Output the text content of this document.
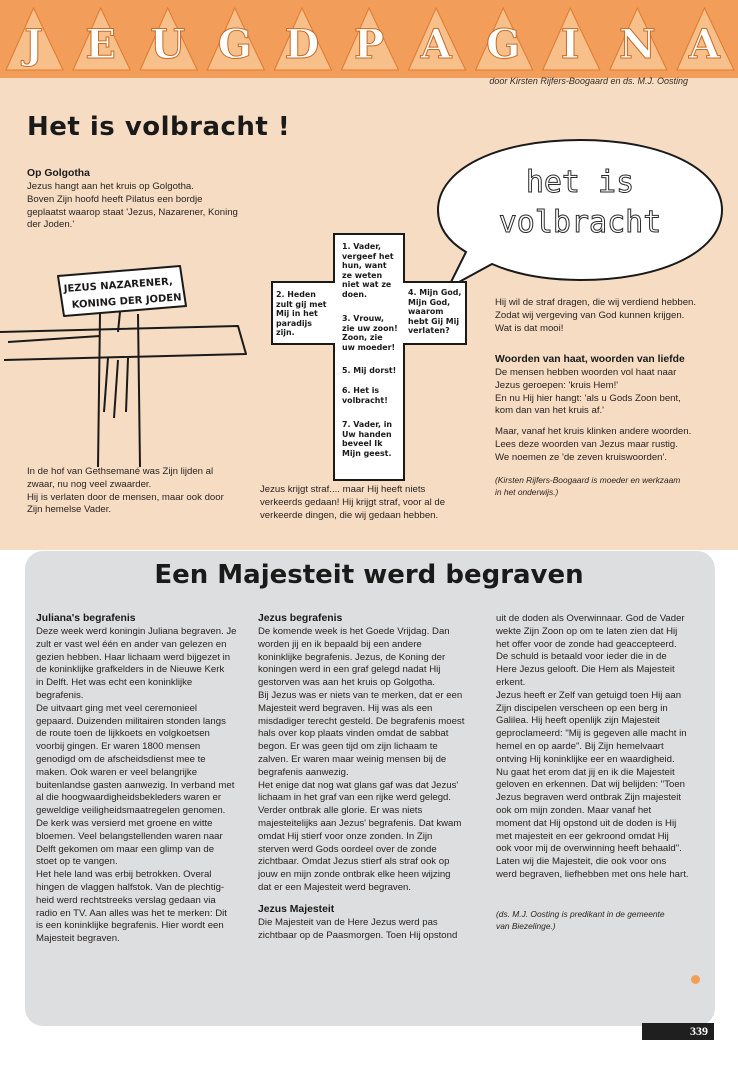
J E U G D P A G I N A
door Kirsten Rijfers-Boogaard en ds. M.J. Oosting
Het is volbracht !
Op Golgotha
Jezus hangt aan het kruis op Golgotha.
Boven Zijn hoofd heeft Pilatus een bordje
geplaatst waarop staat 'Jezus, Nazarener, Koning
der Joden.'
JEZUS NAZARENER,
KONING DER JODEN
het is
volbracht
1. Vader,
vergeef het
hun, want
ze weten
niet wat ze
doen.
2. Heden
zult gij met
Mij in het
paradijs
zijn.
3. Vrouw,
zie uw zoon!
Zoon, zie
uw moeder!
4. Mijn God,
Mijn God,
waarom
hebt Gij Mij
verlaten?
5. Mij dorst!
6. Het is
volbracht!
7. Vader, in
Uw handen
beveel Ik
Mijn geest.
In de hof van Gethsemané was Zijn lijden al
zwaar, nu nog veel zwaarder.
Hij is verlaten door de mensen, maar ook door
Zijn hemelse Vader.
Jezus krijgt straf.... maar Hij heeft niets
verkeerds gedaan! Hij krijgt straf, voor al de
verkeerde dingen, die wij gedaan hebben.
Hij wil de straf dragen, die wij verdiend hebben.
Zodat wij vergeving van God kunnen krijgen.
Wat is dat mooi!
Woorden van haat, woorden van liefde
De mensen hebben woorden vol haat naar
Jezus geroepen: 'kruis Hem!'
En nu Hij hier hangt: 'als u Gods Zoon bent,
kom dan van het kruis af.'
Maar, vanaf het kruis klinken andere woorden.
Lees deze woorden van Jezus maar rustig.
We noemen ze 'de zeven kruiswoorden'.
(Kirsten Rijfers-Boogaard is moeder en werkzaam
in het onderwijs.)
Een Majesteit werd begraven
Juliana's begrafenis
Deze week werd koningin Juliana begraven. Je
zult er vast wel één en ander van gelezen en
gezien hebben. Haar lichaam werd bijgezet in
de koninklijke grafkelders in de Nieuwe Kerk
in Delft. Het was echt een koninklijke
begrafenis.
De uitvaart ging met veel ceremonieel
gepaard. Duizenden militairen stonden langs
de route toen de lijkkoets en volgkoetsen
voorbij gingen. Er waren 1800 mensen
genodigd om de afscheidsdienst mee te
maken. Ook waren er veel belangrijke
buitenlandse gasten aanwezig. In verband met
al die hoogwaardigheidsbekleders waren er
geweldige veiligheidsmaatregelen genomen.
De kerk was versierd met groene en witte
bloemen. Veel belangstellenden waren naar
Delft gekomen om maar een glimp van de
stoet op te vangen.
Het hele land was erbij betrokken. Overal
hingen de vlaggen halfstok. Van de plechtig-
heid werd rechtstreeks verslag gedaan via
radio en TV. Aan alles was het te merken: Dit
is een koninklijke begrafenis. Hier wordt een
Majesteit begraven.
Jezus begrafenis
De komende week is het Goede Vrijdag. Dan
worden jij en ik bepaald bij een andere
koninklijke begrafenis. Jezus, de Koning der
koningen werd in een graf gelegd nadat Hij
gestorven was aan het kruis op Golgotha.
Bij Jezus was er niets van te merken, dat er een
Majesteit werd begraven. Hij was als een
misdadiger terecht gesteld. De begrafenis moest
hals over kop plaats vinden omdat de sabbat
begon. Er was geen tijd om zijn lichaam te
zalven. Er waren maar weinig mensen bij de
begrafenis aanwezig.
Het enige dat nog wat glans gaf was dat Jezus'
lichaam in het graf van een rijke werd gelegd.
Verder ontbrak alle glorie. Er was niets
majesteitelijks aan Jezus' begrafenis. Dat kwam
omdat Hij stierf voor onze zonden. In Zijn
sterven werd Gods oordeel over de zonde
zichtbaar. Omdat Jezus stierf als straf ook op
jouw en mijn zonde ontbrak elke heen wijzing
dat er een Majesteit werd begraven.
Jezus Majesteit
Die Majesteit van de Here Jezus werd pas
zichtbaar op de Paasmorgen. Toen Hij opstond
uit de doden als Overwinnaar. God de Vader
wekte Zijn Zoon op om te laten zien dat Hij
het offer voor de zonde had geaccepteerd.
De schuld is betaald voor ieder die in de
Here Jezus gelooft. Die Hem als Majesteit
erkent.
Jezus heeft er Zelf van getuigd toen Hij aan
Zijn discipelen verscheen op een berg in
Galilea. Hij heeft openlijk zijn Majesteit
geproclameerd: "Mij is gegeven alle macht in
hemel en op aarde". Bij Zijn hemelvaart
ontving Hij koninklijke eer en waardigheid.
Nu gaat het erom dat jij en ik die Majesteit
geloven en erkennen. Dat wij belijden: "Toen
Jezus begraven werd ontbrak Zijn majesteit
ook om mijn zonden. Maar vanaf het
moment dat Hij opstond uit de doden is Hij
met majesteit en eer gekroond omdat Hij
ook voor mij de overwinning heeft behaald".
Laten wij die Majesteit, die ook voor ons
werd begraven, liefhebben met ons hele hart.
(ds. M.J. Oosting is predikant in de gemeente
van Biezelinge.)
339
